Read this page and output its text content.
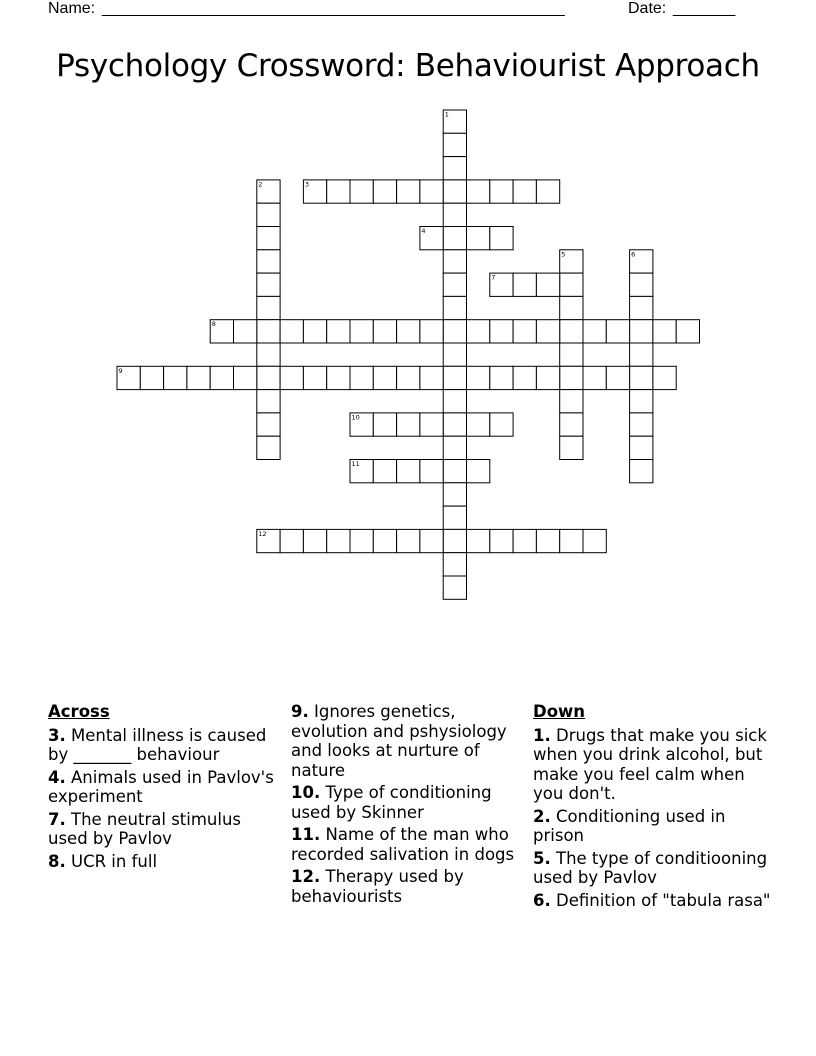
Name: ____________________________________________________	Date: _______
Psychology Crossword: Behaviourist Approach
1
2	3
4
5	6
7
8
9
10
11
12
Across
3. Mental illness is caused by _______ behaviour
4. Animals used in Pavlov's experiment
7. The neutral stimulus used by Pavlov
8. UCR in full
9. Ignores genetics, evolution and pshysiology and looks at nurture of nature
10. Type of conditioning used by Skinner
11. Name of the man who recorded salivation in dogs
12. Therapy used by behaviourists
Down
1. Drugs that make you sick when you drink alcohol, but make you feel calm when you don't.
2. Conditioning used in prison
5. The type of conditiooning used by Pavlov
6. Definition of "tabula rasa"
